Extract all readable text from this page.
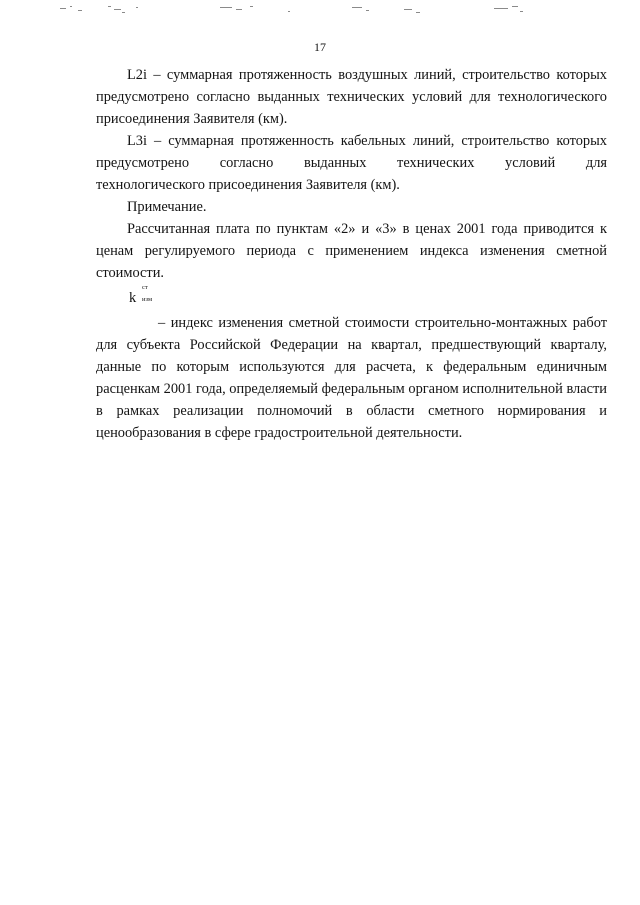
17

L2i – суммарная протяженность воздушных линий, строительство которых предусмотрено согласно выданных технических условий для технологического присоединения Заявителя (км).

L3i – суммарная протяженность кабельных линий, строительство которых предусмотрено согласно выданных технических условий для

технологического присоединения Заявителя (км).

Примечание.

Рассчитанная плата по пунктам «2» и «3» в ценах 2001 года приводится к ценам регулируемого периода с применением индекса изменения сметной стоимости.

k
ст
изм

– индекс изменения сметной стоимости строительно-монтажных работ для субъекта Российской Федерации на квартал, предшествующий кварталу, данные по которым используются для расчета, к федеральным единичным расценкам 2001 года, определяемый федеральным органом исполнительной власти в рамках реализации полномочий в области сметного нормирования и ценообразования в сфере градостроительной деятельности.
